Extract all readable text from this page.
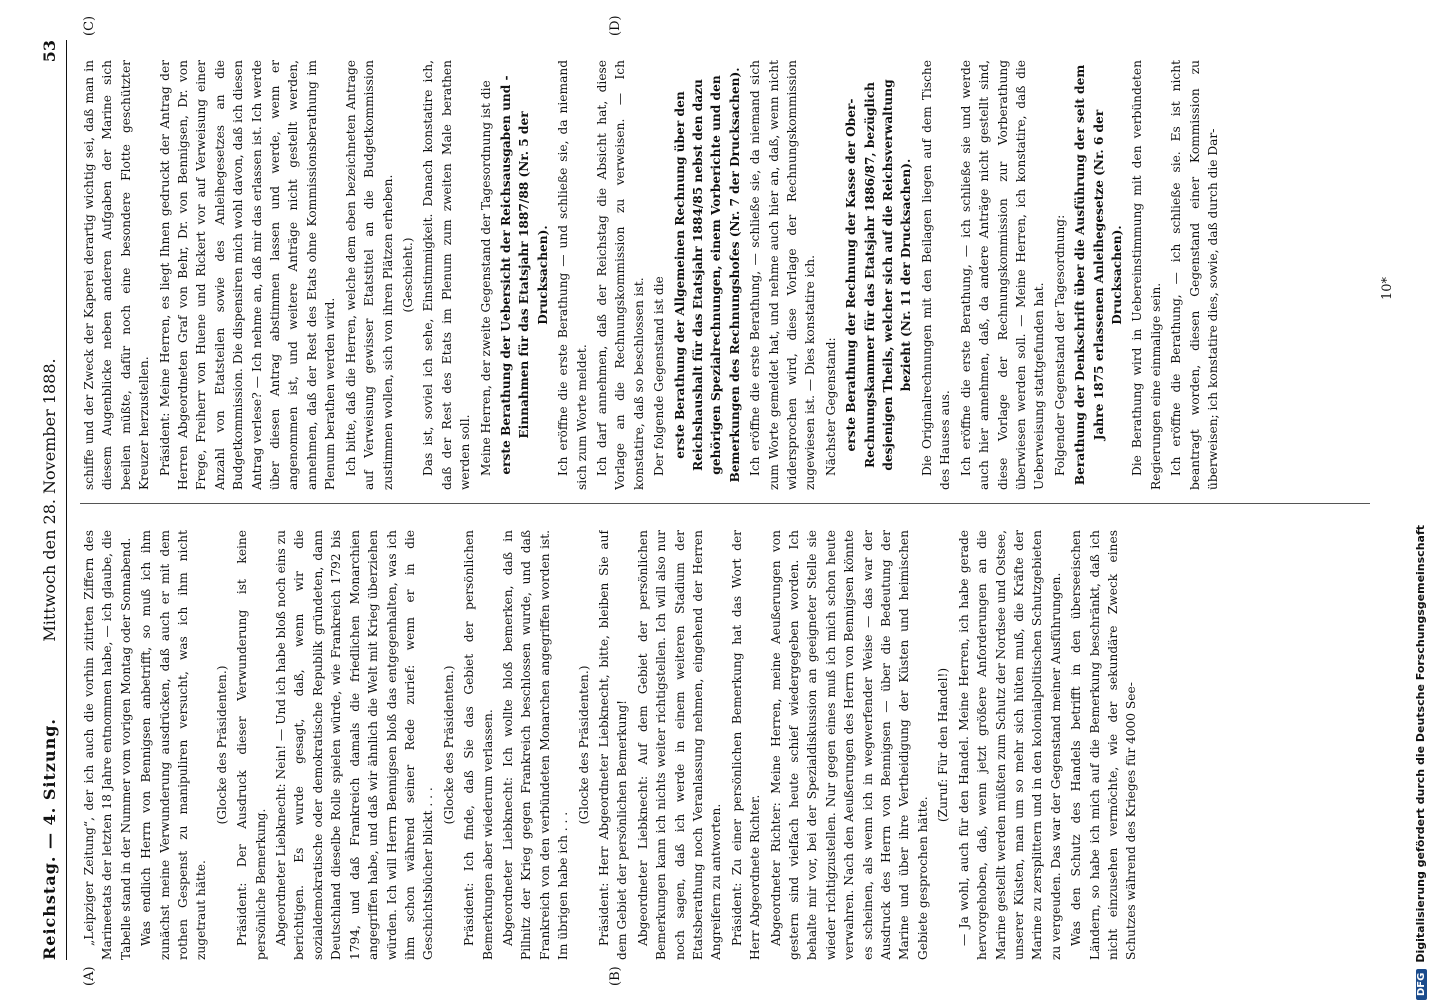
Reichstag. — 4. Sitzung.
Mittwoch den 28. November 1888.
53
(A)	(B)
(C)	(D)

„Leipziger Zeitung“, der ich auch die vorhin zitirten Ziffern des Marineetats der letzten 18 Jahre entnommen habe, — ich glaube, die Tabelle stand in der Nummer vom vorigen Montag oder Sonnabend. Was endlich Herrn von Bennigsen anbetrifft, so muß ich ihm zunächst meine Verwunderung ausdrücken, daß auch er mit dem rothen Gespenst zu manipuliren versucht, was ich ihm nicht zugetraut hätte.

(Glocke des Präsidenten.) Präsident: Der Ausdruck dieser Verwunderung ist keine persönliche Bemerkung. Abgeordneter Liebknecht: Nein! — Und ich habe bloß noch eins zu berichtigen. Es wurde gesagt, daß, wenn wir die sozialdemokratische oder demokratische Republik gründeten, dann Deutschland dieselbe Rolle spielen würde, wie Frankreich 1792 bis 1794, und daß Frankreich damals die friedlichen Monarchien angegriffen habe, und daß wir ähnlich die Welt mit Krieg überziehen würden. Ich will Herrn Bennigsen bloß das entgegenhalten, was ich ihm schon während seiner Rede zurief: wenn er in die Geschichtsbücher blickt . . .

(Glocke des Präsidenten.) Präsident: Ich finde, daß Sie das Gebiet der persönlichen Bemerkungen aber wiederum verlassen. Abgeordneter Liebknecht: Ich wollte bloß bemerken, daß in Pillnitz der Krieg gegen Frankreich beschlossen wurde, und daß Frankreich von den verbündeten Monarchen angegriffen worden ist. Im übrigen habe ich . . .

(Glocke des Präsidenten.) Präsident: Herr Abgeordneter Liebknecht, bitte, bleiben Sie auf dem Gebiet der persönlichen Bemerkung! Abgeordneter Liebknecht: Auf dem Gebiet der persönlichen Bemerkungen kann ich nichts weiter richtigstellen. Ich will also nur noch sagen, daß ich werde in einem weiteren Stadium der Etatsberathung noch Veranlassung nehmen, eingehend der Herren Angreifern zu antworten. Präsident: Zu einer persönlichen Bemerkung hat das Wort der Herr Abgeordnete Richter. Abgeordneter Richter: Meine Herren, meine Aeußerungen von gestern sind vielfach heute schief wiedergegeben worden. Ich behalte mir vor, bei der Spezialdiskussion an geeigneter Stelle sie wieder richtigzustellen. Nur gegen eines muß ich mich schon heute verwahren. Nach den Aeußerungen des Herrn von Bennigsen könnte es scheinen, als wenn ich in wegwerfender Weise — das war der Ausdruck des Herrn von Bennigsen — über die Bedeutung der Marine und über ihre Vertheidigung der Küsten und heimischen Gebiete gesprochen hätte.

(Zuruf: Für den Handel!) — Ja wohl, auch für den Handel. Meine Herren, ich habe gerade hervorgehoben, daß, wenn jetzt größere Anforderungen an die Marine gestellt werden müßten zum Schutz der Nordsee und Ostsee, unserer Küsten, man um so mehr sich hüten muß, die Kräfte der Marine zu zersplittern und in den kolonialpolitischen Schutzgebieten zu vergeuden. Das war der Gegenstand meiner Ausführungen. Was den Schutz des Handels betrifft in den überseeischen Ländern, so habe ich mich auf die Bemerkung beschränkt, daß ich nicht einzusehen vermöchte, wie der sekundäre Zweck eines Schutzes während des Krieges für 4000 See-

schiffe und der Zweck der Kaperei derartig wichtig sei, daß man in diesem Augenblicke neben anderen Aufgaben der Marine sich beeilen müßte, dafür noch eine besondere Flotte geschützter Kreuzer herzustellen. Präsident: Meine Herren, es liegt Ihnen gedruckt der Antrag der Herren Abgeordneten Graf von Behr, Dr. von Bennigsen, Dr. von Frege, Freiherr von Huene und Rickert vor auf Verweisung einer Anzahl von Etatsteilen sowie des Anleihegesetzes an die Budgetkommission. Die dispensiren mich wohl davon, daß ich diesen Antrag verlese? — Ich nehme an, daß mir das erlassen ist. Ich werde über diesen Antrag abstimmen lassen und werde, wenn er angenommen ist, und weitere Anträge nicht gestellt werden, annehmen, daß der Rest des Etats ohne Kommissionsberathung im Plenum berathen werden wird. Ich bitte, daß die Herren, welche dem eben bezeichneten Antrage auf Verweisung gewisser Etatstitel an die Budgetkommission zustimmen wollen, sich von ihren Plätzen erheben. (Geschieht.) Das ist, soviel ich sehe, Einstimmigkeit. Danach konstatire ich, daß der Rest des Etats im Plenum zum zweiten Male berathen werden soll. Meine Herren, der zweite Gegenstand der Tagesordnung ist die erste Berathung der Uebersicht der Reichsausgaben und -Einnahmen für das Etatsjahr 1887/88 (Nr. 5 der Drucksachen). Ich eröffne die erste Berathung — und schließe sie, da niemand sich zum Worte meldet. Ich darf annehmen, daß der Reichstag die Absicht hat, diese Vorlage an die Rechnungskommission zu verweisen. — Ich konstatire, daß so beschlossen ist. Der folgende Gegenstand ist die erste Berathung der Allgemeinen Rechnung über den Reichshaushalt für das Etatsjahr 1884/85 nebst den dazu gehörigen Spezialrechnungen, einem Vorberichte und den Bemerkungen des Rechnungshofes (Nr. 7 der Drucksachen). Ich eröffne die erste Berathung, — schließe sie, da niemand sich zum Worte gemeldet hat, und nehme auch hier an, daß, wenn nicht widersprochen wird, diese Vorlage der Rechnungskommission zugewiesen ist. — Dies konstatire ich. Nächster Gegenstand: erste Berathung der Rechnung der Kasse der Ober-Rechnungskammer für das Etatsjahr 1886/87, bezüglich desjenigen Theils, welcher sich auf die Reichsverwaltung bezieht (Nr. 11 der Drucksachen). Die Originalrechnungen mit den Beilagen liegen auf dem Tische des Hauses aus. Ich eröffne die erste Berathung, — ich schließe sie und werde auch hier annehmen, daß, da andere Anträge nicht gestellt sind, diese Vorlage der Rechnungskommission zur Vorberathung überwiesen werden soll. — Meine Herren, ich konstatire, daß die Ueberweisung stattgefunden hat. Folgender Gegenstand der Tagesordnung: Berathung der Denkschrift über die Ausführung der seit dem Jahre 1875 erlassenen Anleihegesetze (Nr. 6 der Drucksachen). Die Berathung wird in Uebereinstimmung mit den verbündeten Regierungen eine einmalige sein. Ich eröffne die Berathung, — ich schließe sie. Es ist nicht beantragt worden, diesen Gegenstand einer Kommission zu überweisen; ich konstatire dies, sowie, daß durch die Dar-	10*
DFGDigitalisierung gefördert durch die Deutsche Forschungsgemeinschaft
